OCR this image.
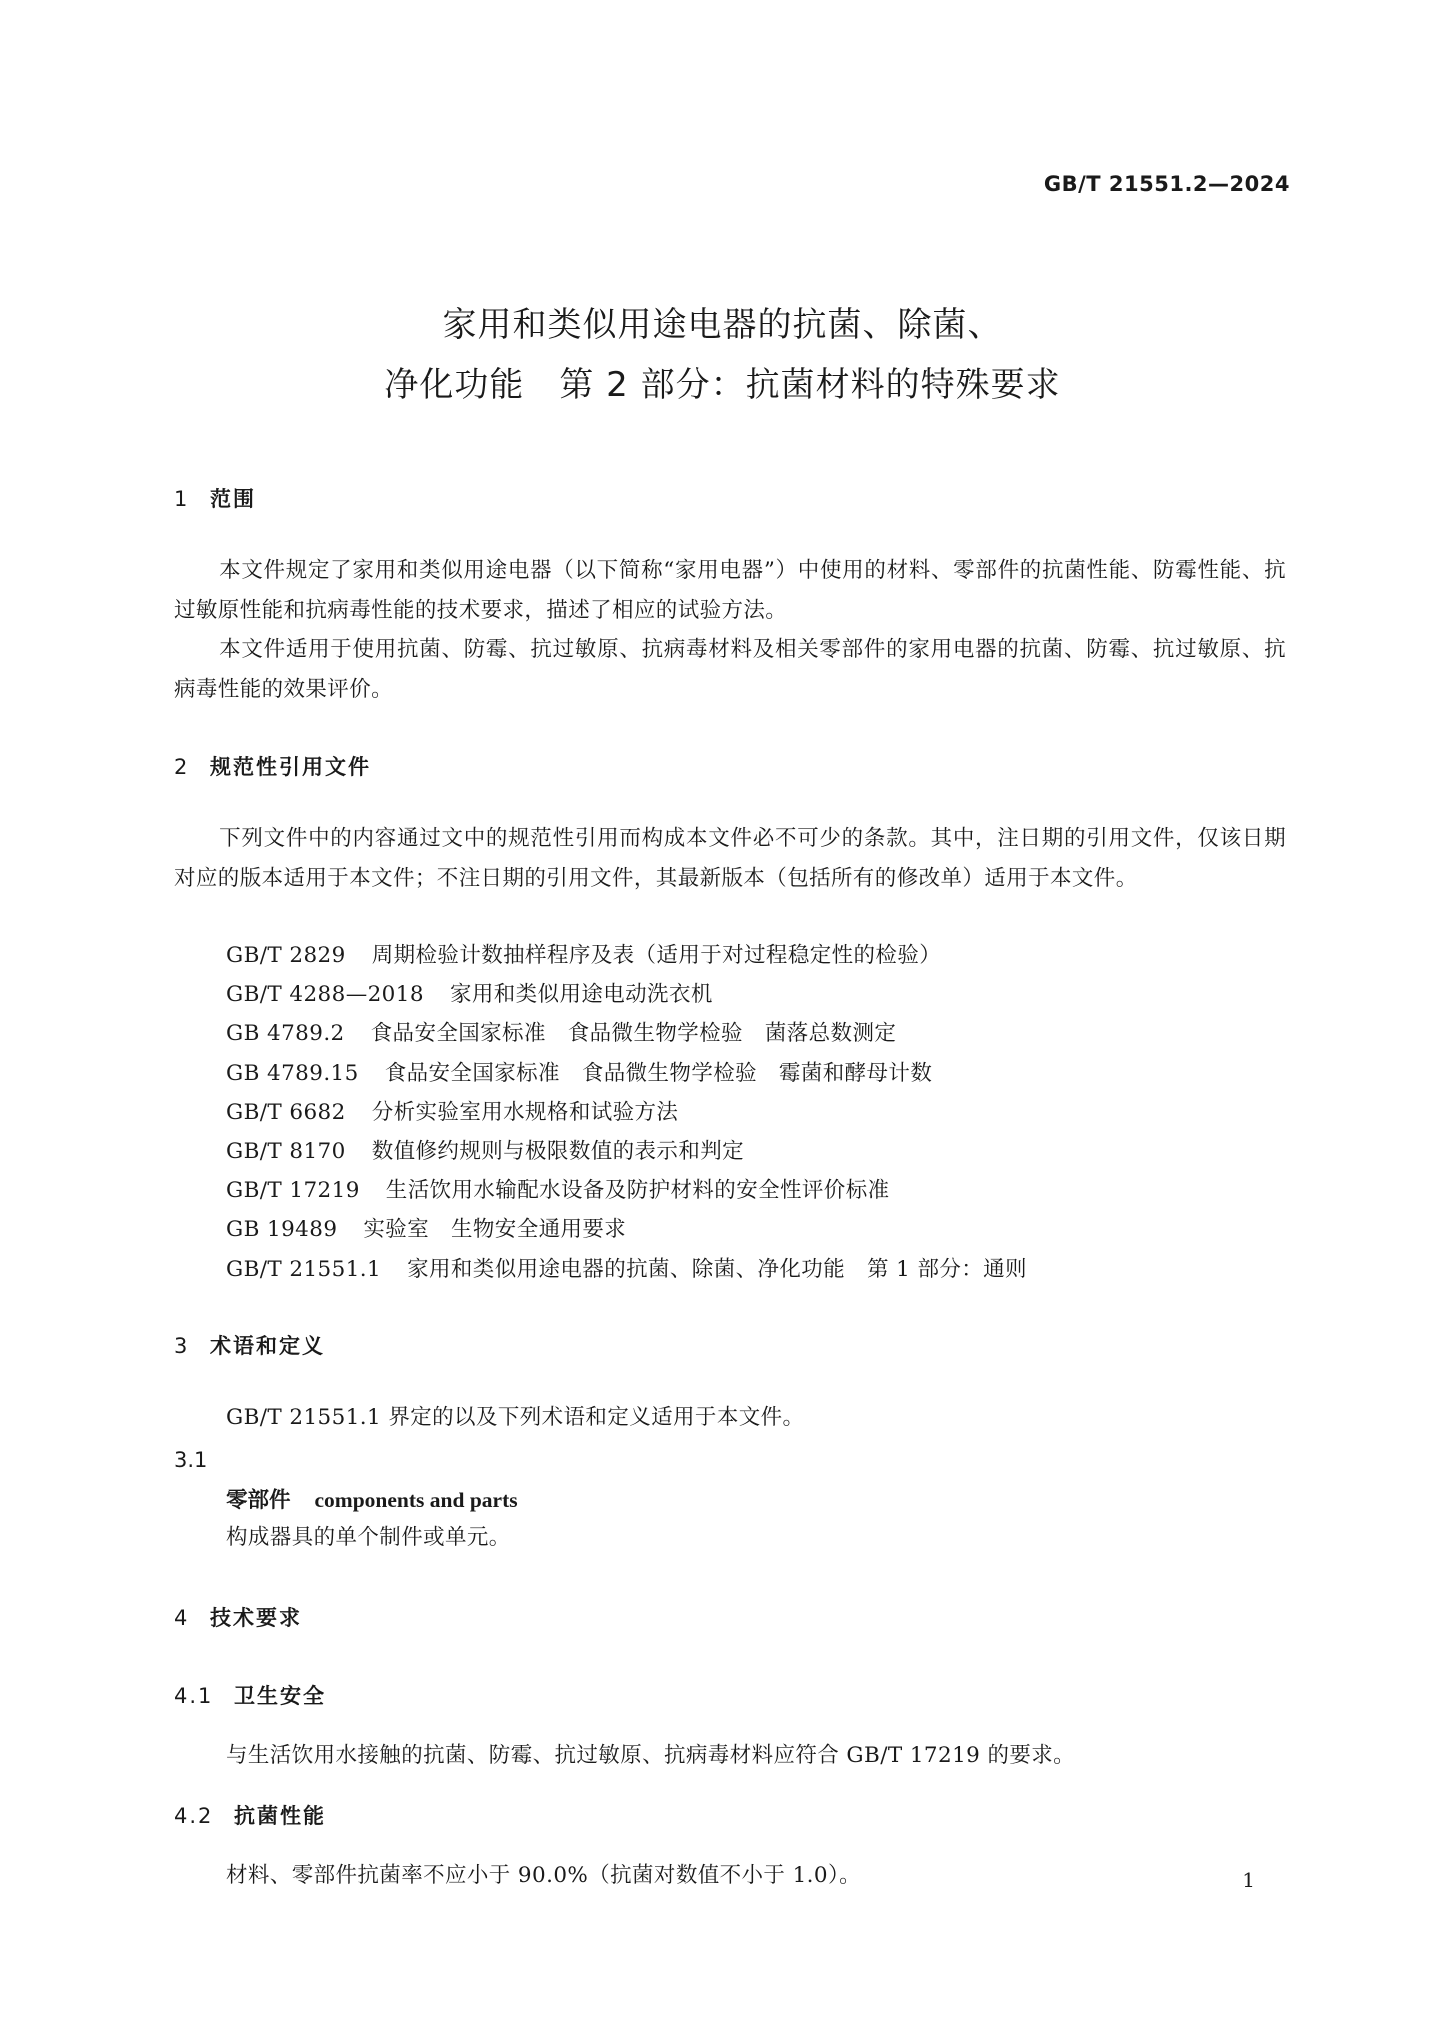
GB/T 21551.2—2024
家用和类似用途电器的抗菌、除菌、
净化功能　第 2 部分：抗菌材料的特殊要求
1 范围
本文件规定了家用和类似用途电器（以下简称“家用电器”）中使用的材料、零部件的抗菌性能、防霉性能、抗过敏原性能和抗病毒性能的技术要求，描述了相应的试验方法。
本文件适用于使用抗菌、防霉、抗过敏原、抗病毒材料及相关零部件的家用电器的抗菌、防霉、抗过敏原、抗病毒性能的效果评价。
2 规范性引用文件
下列文件中的内容通过文中的规范性引用而构成本文件必不可少的条款。其中，注日期的引用文件，仅该日期对应的版本适用于本文件；不注日期的引用文件，其最新版本（包括所有的修改单）适用于本文件。
GB/T 2829 周期检验计数抽样程序及表（适用于对过程稳定性的检验）
GB/T 4288—2018 家用和类似用途电动洗衣机
GB 4789.2 食品安全国家标准　食品微生物学检验　菌落总数测定
GB 4789.15 食品安全国家标准　食品微生物学检验　霉菌和酵母计数
GB/T 6682 分析实验室用水规格和试验方法
GB/T 8170 数值修约规则与极限数值的表示和判定
GB/T 17219 生活饮用水输配水设备及防护材料的安全性评价标准
GB 19489 实验室　生物安全通用要求
GB/T 21551.1 家用和类似用途电器的抗菌、除菌、净化功能　第 1 部分：通则
3 术语和定义
GB/T 21551.1 界定的以及下列术语和定义适用于本文件。
3.1
零部件 components and parts
构成器具的单个制件或单元。
4 技术要求
4.1 卫生安全
与生活饮用水接触的抗菌、防霉、抗过敏原、抗病毒材料应符合 GB/T 17219 的要求。
4.2 抗菌性能
材料、零部件抗菌率不应小于 90.0%（抗菌对数值不小于 1.0）。	1
